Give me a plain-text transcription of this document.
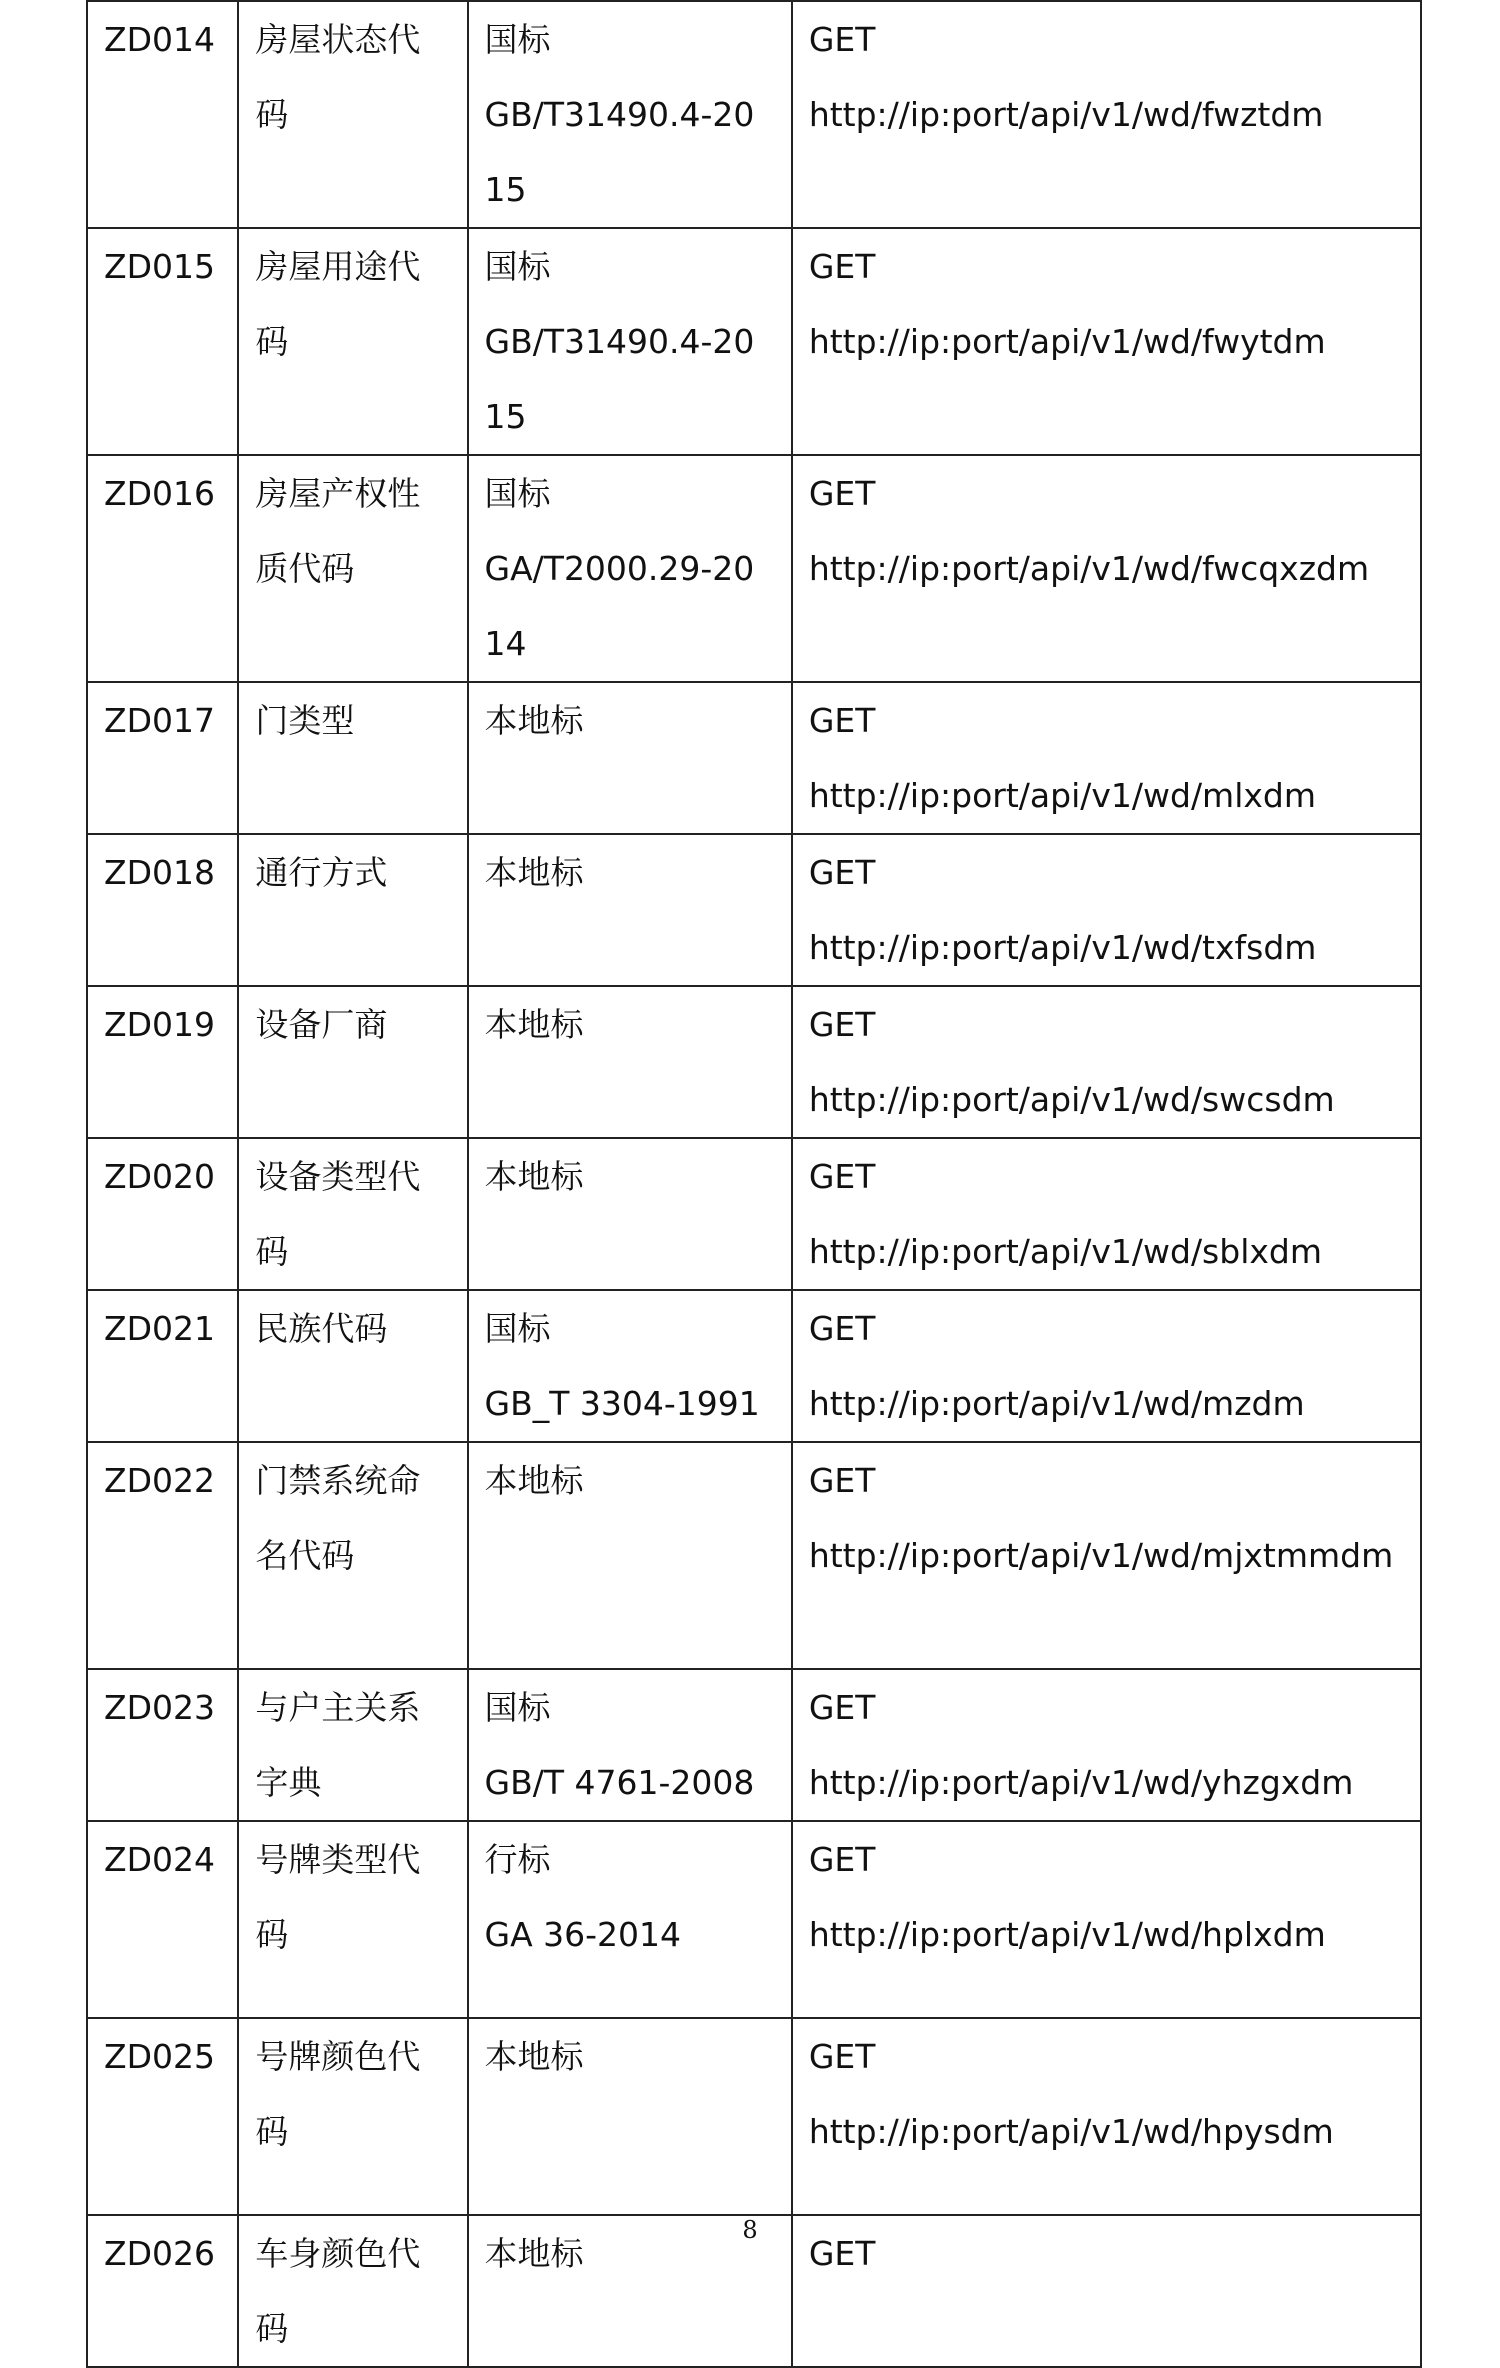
ZD014	房屋状态代码	国标
GB/T31490.4-2015	GET
http://ip:port/api/v1/wd/fwztdm

ZD015	房屋用途代码	国标
GB/T31490.4-2015	GET
http://ip:port/api/v1/wd/fwytdm

ZD016	房屋产权性质代码	国标
GA/T2000.29-2014	GET
http://ip:port/api/v1/wd/fwcqxzdm

ZD017	门类型	本地标	GET
http://ip:port/api/v1/wd/mlxdm

ZD018	通行方式	本地标	GET
http://ip:port/api/v1/wd/txfsdm

ZD019	设备厂商	本地标	GET
http://ip:port/api/v1/wd/swcsdm

ZD020	设备类型代码	本地标	GET
http://ip:port/api/v1/wd/sblxdm

ZD021	民族代码	国标
GB_T 3304-1991	GET
http://ip:port/api/v1/wd/mzdm

ZD022	门禁系统命名代码	本地标	GET
http://ip:port/api/v1/wd/mjxtmmdm

ZD023	与户主关系字典	国标
GB/T 4761-2008	GET
http://ip:port/api/v1/wd/yhzgxdm

ZD024	号牌类型代码	行标
GA 36-2014	GET
http://ip:port/api/v1/wd/hplxdm

ZD025	号牌颜色代码	本地标	GET
http://ip:port/api/v1/wd/hpysdm

ZD026	车身颜色代码	本地标	GET
8
